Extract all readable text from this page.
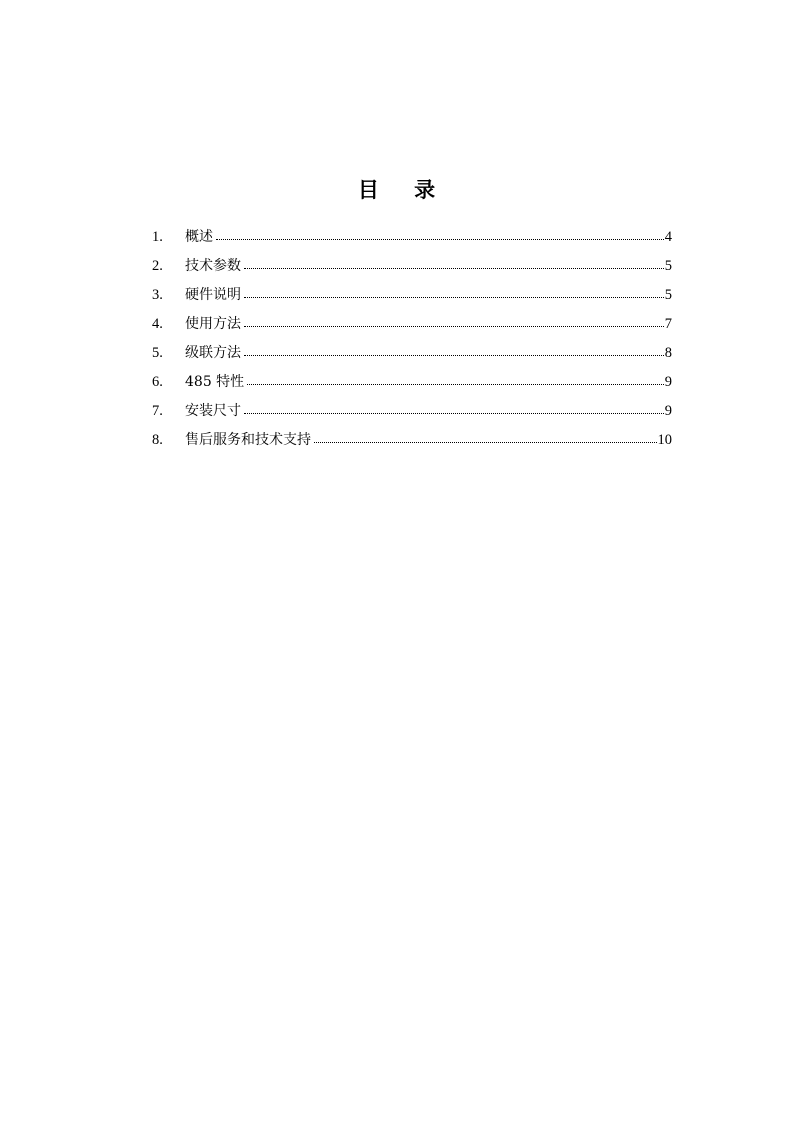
目 录
1.	概述	4
2.	技术参数	5
3.	硬件说明	5
4.	使用方法	7
5.	级联方法	8
6.	485 特性	9
7.	安装尺寸	9
8.	售后服务和技术支持	10
